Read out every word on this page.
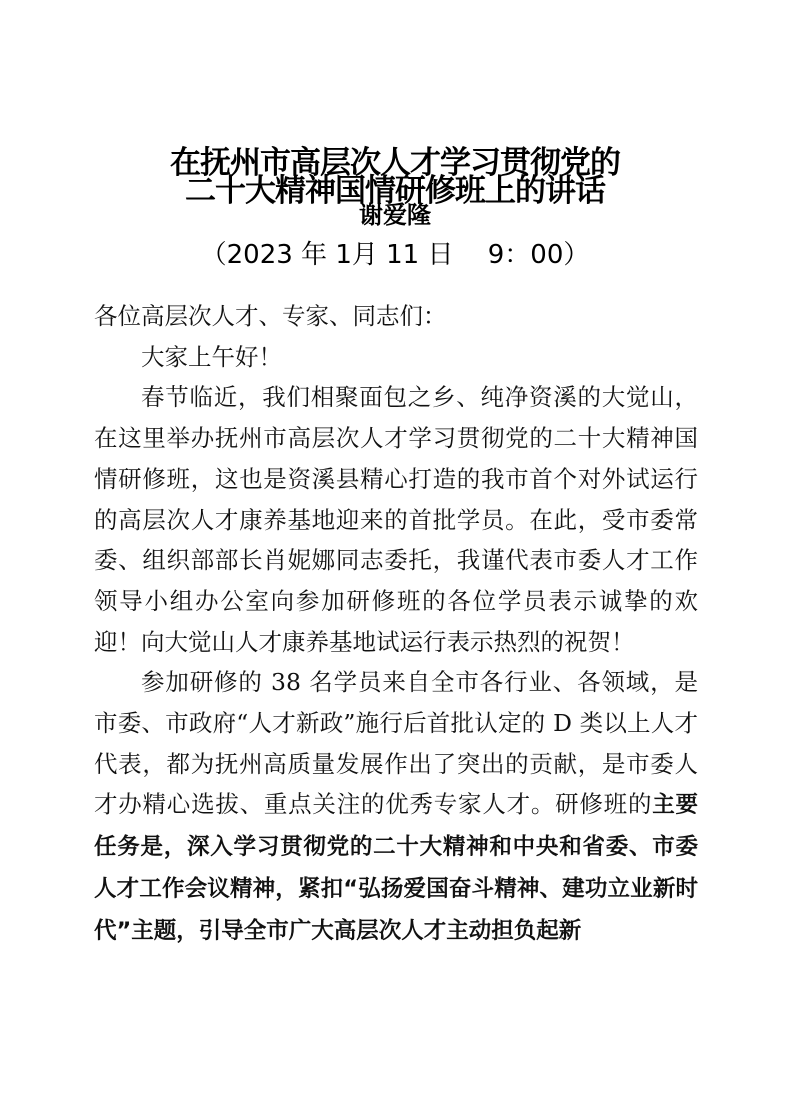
在抚州市高层次人才学习贯彻党的
二十大精神国情研修班上的讲话
谢爱隆
（2023 年 1月 11 日　 9：00）

各位高层次人才、专家、同志们：

大家上午好！

春节临近，我们相聚面包之乡、纯净资溪的大觉山，在这里举办抚州市高层次人才学习贯彻党的二十大精神国情研修班，这也是资溪县精心打造的我市首个对外试运行的高层次人才康养基地迎来的首批学员。在此，受市委常委、组织部部长肖妮娜同志委托，我谨代表市委人才工作领导小组办公室向参加研修班的各位学员表示诚挚的欢迎！向大觉山人才康养基地试运行表示热烈的祝贺！

参加研修的 38 名学员来自全市各行业、各领域，是市委、市政府“人才新政”施行后首批认定的 D 类以上人才代表，都为抚州高质量发展作出了突出的贡献，是市委人才办精心选拔、重点关注的优秀专家人才。研修班的主要任务是，深入学习贯彻党的二十大精神和中央和省委、市委人才工作会议精神，紧扣“弘扬爱国奋斗精神、建功立业新时代”主题，引导全市广大高层次人才主动担负起新
